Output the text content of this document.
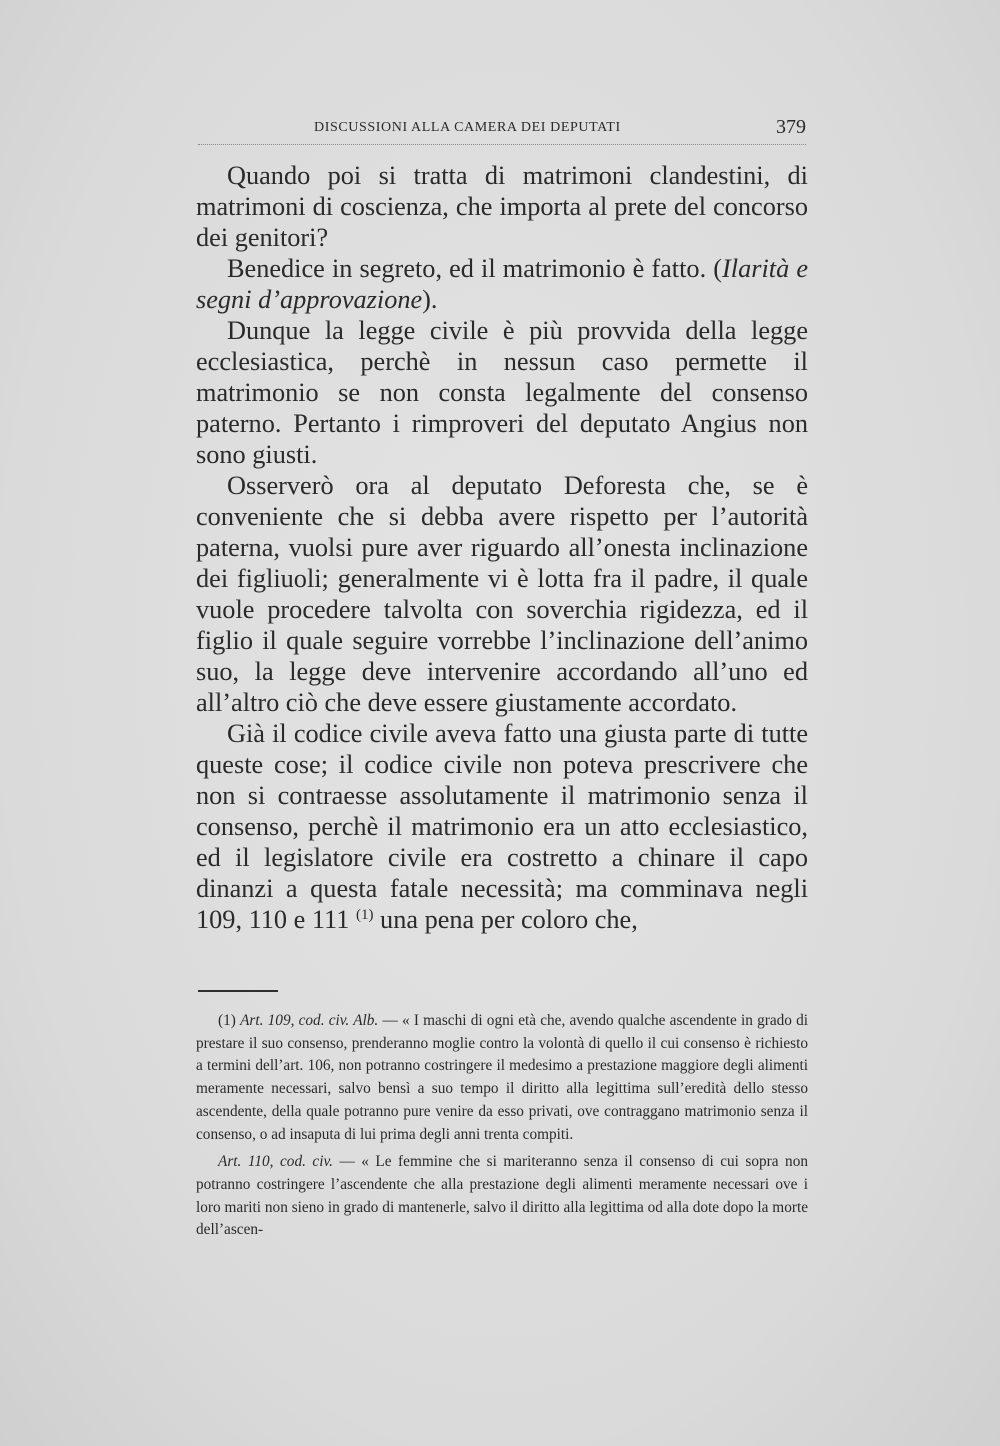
DISCUSSIONI ALLA CAMERA DEI DEPUTATI	379

Quando poi si tratta di matrimoni clandestini, di matrimoni di coscienza, che importa al prete del concorso dei genitori?

Benedice in segreto, ed il matrimonio è fatto. (Ilarità e segni d’approvazione).

Dunque la legge civile è più provvida della legge ecclesiastica, perchè in nessun caso permette il matrimonio se non consta legalmente del consenso paterno. Pertanto i rimproveri del deputato Angius non sono giusti.

Osserverò ora al deputato Deforesta che, se è conveniente che si debba avere rispetto per l’autorità paterna, vuolsi pure aver riguardo all’onesta inclinazione dei figliuoli; generalmente vi è lotta fra il padre, il quale vuole procedere talvolta con soverchia rigidezza, ed il figlio il quale seguire vorrebbe l’inclinazione dell’animo suo, la legge deve intervenire accordando all’uno ed all’altro ciò che deve essere giustamente accordato.

Già il codice civile aveva fatto una giusta parte di tutte queste cose; il codice civile non poteva prescrivere che non si contraesse assolutamente il matrimonio senza il consenso, perchè il matrimonio era un atto ecclesiastico, ed il legislatore civile era costretto a chinare il capo dinanzi a questa fatale necessità; ma comminava negli 109, 110 e 111 $^{(1)}$ una pena per coloro che,

(1) Art. 109, cod. civ. Alb. — « I maschi di ogni età che, avendo qualche ascendente in grado di prestare il suo consenso, prenderanno moglie contro la volontà di quello il cui consenso è richiesto a termini dell’art. 106, non potranno costringere il medesimo a prestazione maggiore degli alimenti meramente necessari, salvo bensì a suo tempo il diritto alla legittima sull’eredità dello stesso ascendente, della quale potranno pure venire da esso privati, ove contraggano matrimonio senza il consenso, o ad insaputa di lui prima degli anni trenta compiti.

Art. 110, cod. civ. — « Le femmine che si mariteranno senza il consenso di cui sopra non potranno costringere l’ascendente che alla prestazione degli alimenti meramente necessari ove i loro mariti non sieno in grado di mantenerle, salvo il diritto alla legittima od alla dote dopo la morte dell’ascen-
